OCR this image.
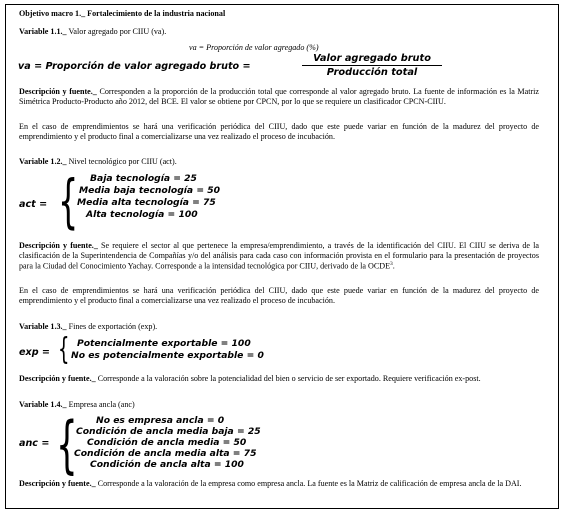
Objetivo macro 1._ Fortalecimiento de la industria nacional
Variable 1.1._ Valor agregado por CIIU (va).
va = Proporción de valor agregado (%)
va = Proporción de valor agregado bruto =
Valor agregado bruto
Producción total
Descripción y fuente._ Corresponden a la proporción de la producción total que corresponde al valor agregado bruto. La fuente de información es la Matriz Simétrica Producto-Producto año 2012, del BCE. El valor se obtiene por CPCN, por lo que se requiere un clasificador CPCN-CIIU.
En el caso de emprendimientos se hará una verificación periódica del CIIU, dado que este puede variar en función de la madurez del proyecto de emprendimiento y el producto final a comercializarse una vez realizado el proceso de incubación.
Variable 1.2._ Nivel tecnológico por CIIU (act).
act = { Baja tecnología = 25
Media baja tecnología = 50
Media alta tecnología = 75
Alta tecnología = 100
Descripción y fuente._ Se requiere el sector al que pertenece la empresa/emprendimiento, a través de la identificación del CIIU. El CIIU se deriva de la clasificación de la Superintendencia de Compañías y/o del análisis para cada caso con información provista en el formulario para la presentación de proyectos para la Ciudad del Conocimiento Yachay. Corresponde a la intensidad tecnológica por CIIU, derivado de la OCDE$^3$.
En el caso de emprendimientos se hará una verificación periódica del CIIU, dado que este puede variar en función de la madurez del proyecto de emprendimiento y el producto final a comercializarse una vez realizado el proceso de incubación.
Variable 1.3._ Fines de exportación (exp).
exp = { Potencialmente exportable = 100
No es potencialmente exportable = 0
Descripción y fuente._ Corresponde a la valoración sobre la potencialidad del bien o servicio de ser exportado. Requiere verificación ex-post.
Variable 1.4._ Empresa ancla (anc)
anc = { No es empresa ancla = 0
Condición de ancla media baja = 25
Condición de ancla media = 50
Condición de ancla media alta = 75
Condición de ancla alta = 100
Descripción y fuente._ Corresponde a la valoración de la empresa como empresa ancla. La fuente es la Matriz de calificación de empresa ancla de la DAI.
